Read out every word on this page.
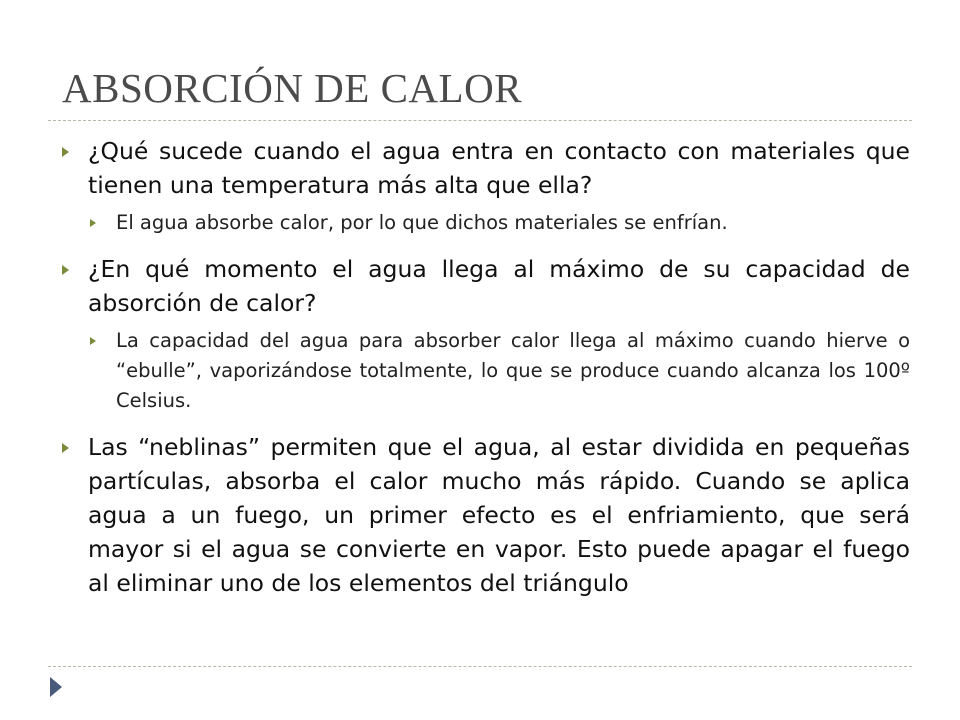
ABSORCIÓN DE CALOR
¿Qué sucede cuando el agua entra en contacto con materiales que tienen una temperatura más alta que ella?
El agua absorbe calor, por lo que dichos materiales se enfrían.
¿En qué momento el agua llega al máximo de su capacidad de absorción de calor?
La capacidad del agua para absorber calor llega al máximo cuando hierve o “ebulle”, vaporizándose totalmente, lo que se produce cuando alcanza los 100º Celsius.
Las “neblinas” permiten que el agua, al estar dividida en pequeñas partículas, absorba el calor mucho más rápido. Cuando se aplica agua a un fuego, un primer efecto es el enfriamiento, que será mayor si el agua se convierte en vapor. Esto puede apagar el fuego al eliminar uno de los elementos del triángulo
